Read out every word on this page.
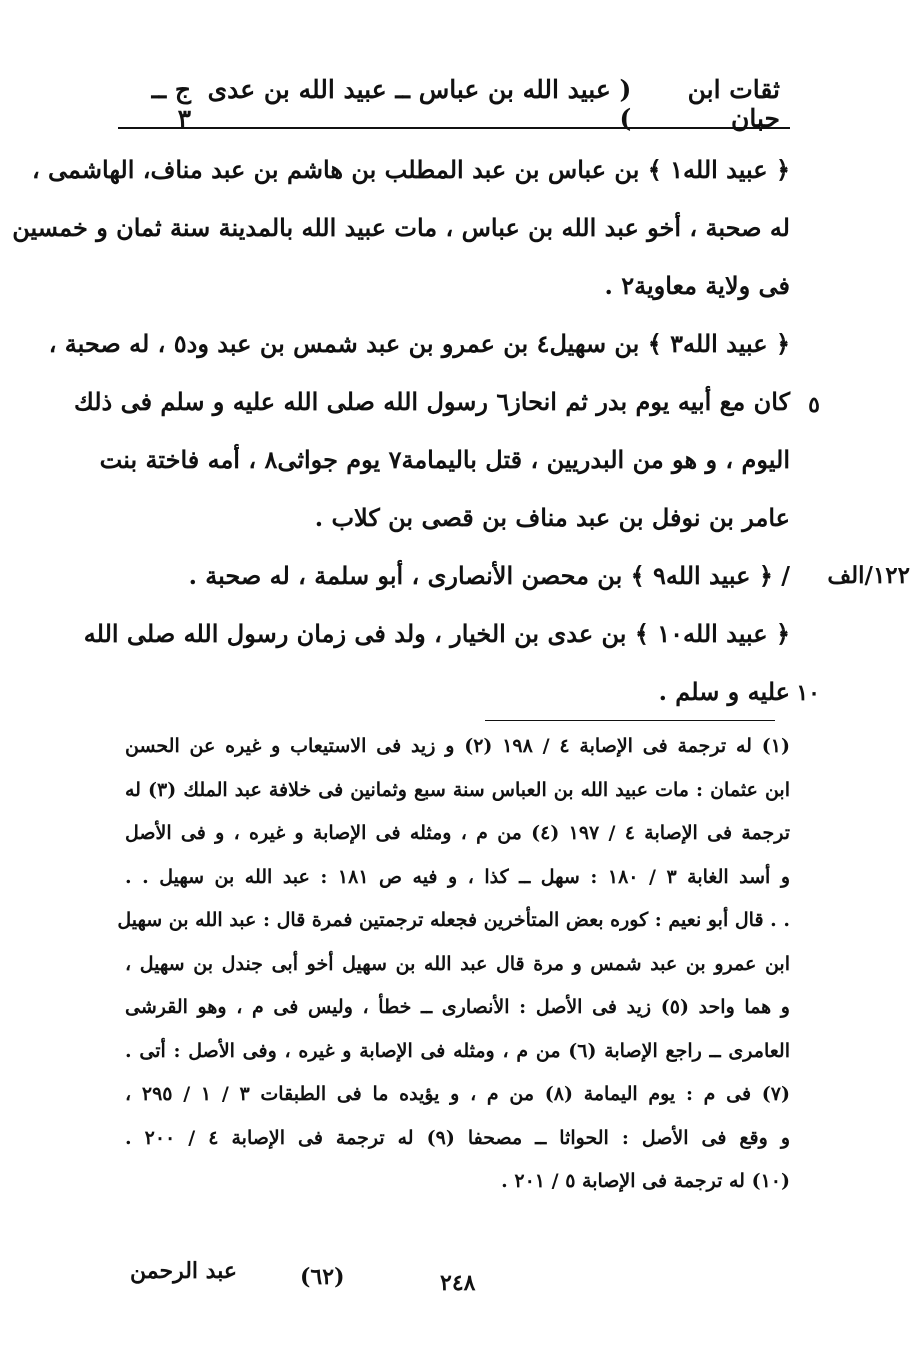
ثقات ابن حبان
( عبيد الله بن عباس ــ عبيد الله بن عدى )
ج ــ ٣
﴿ عبيد الله١ ﴾ بن عباس بن عبد المطلب بن هاشم بن عبد مناف، الهاشمى ،
له صحبة ، أخو عبد الله بن عباس ، مات عبيد الله بالمدينة سنة ثمان و خمسين
فى ولاية معاوية٢ .
﴿ عبيد الله٣ ﴾ بن سهيل٤ بن عمرو بن عبد شمس بن عبد ود٥ ، له صحبة ،
كان مع أبيه يوم بدر ثم انحاز٦ رسول الله صلى الله عليه و سلم فى ذلك
اليوم ، و هو من البدريين ، قتل باليمامة٧ يوم جواثى٨ ، أمه فاختة بنت
عامر بن نوفل بن عبد مناف بن قصى بن كلاب .
/ ﴿ عبيد الله٩ ﴾ بن محصن الأنصارى ، أبو سلمة ، له صحبة .
﴿ عبيد الله١٠ ﴾ بن عدى بن الخيار ، ولد فى زمان رسول الله صلى الله
عليه و سلم .
٥
١٠
١٢٢/الف
(١) له ترجمة فى الإصابة ٤ / ١٩٨ (٢) و زيد فى الاستيعاب و غيره عن الحسن
ابن عثمان : مات عبيد الله بن العباس سنة سبع وثمانين فى خلافة عبد الملك (٣) له
ترجمة فى الإصابة ٤ / ١٩٧ (٤) من م ، ومثله فى الإصابة و غيره ، و فى الأصل
و أسد الغابة ٣ / ١٨٠ : سهل ــ كذا ، و فيه ص ١٨١ : عبد الله بن سهيل . .
. . قال أبو نعيم : كوره بعض المتأخرين فجعله ترجمتين فمرة قال : عبد الله بن سهيل
ابن عمرو بن عبد شمس و مرة قال عبد الله بن سهيل أخو أبى جندل بن سهيل ،
و هما واحد (٥) زيد فى الأصل : الأنصارى ــ خطأ ، وليس فى م ، وهو القرشى
العامرى ــ راجع الإصابة (٦) من م ، ومثله فى الإصابة و غيره ، وفى الأصل : أتى .
(٧) فى م : يوم اليمامة (٨) من م ، و يؤيده ما فى الطبقات ٣ / ١ / ٢٩٥ ،
و وقع فى الأصل : الحواثا ــ مصحفا (٩) له ترجمة فى الإصابة ٤ / ٢٠٠ .
(١٠) له ترجمة فى الإصابة ٥ / ٢٠١ .
عبد الرحمن	(٦٢)	٢٤٨
